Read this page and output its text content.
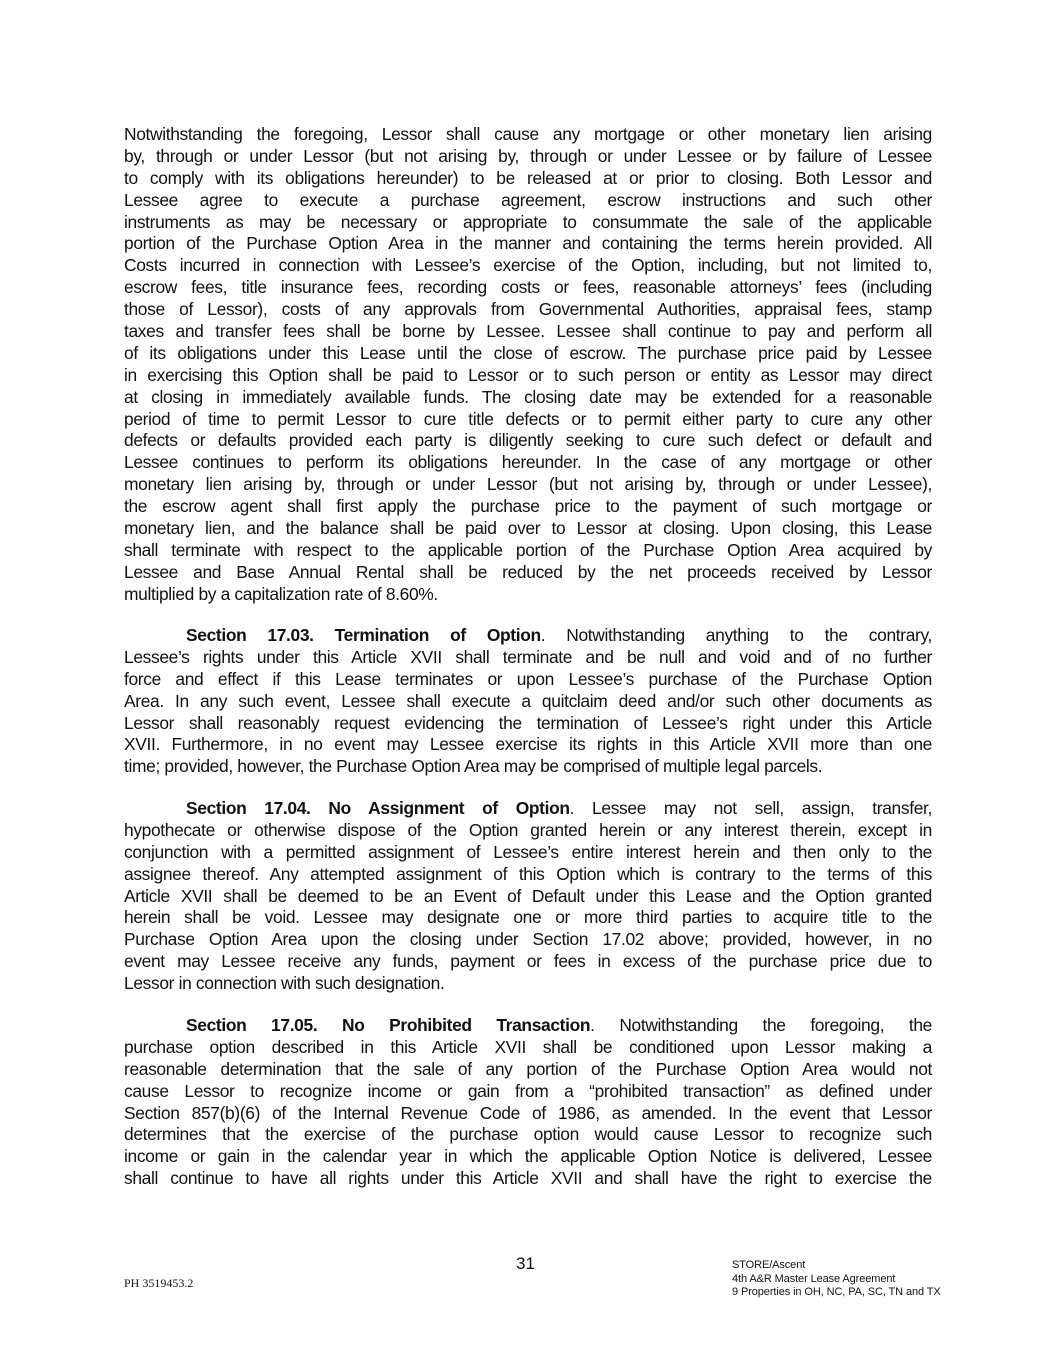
Notwithstanding the foregoing, Lessor shall cause any mortgage or other monetary lien arising
by, through or under Lessor (but not arising by, through or under Lessee or by failure of Lessee
to comply with its obligations hereunder) to be released at or prior to closing. Both Lessor and
Lessee agree to execute a purchase agreement, escrow instructions and such other
instruments as may be necessary or appropriate to consummate the sale of the applicable
portion of the Purchase Option Area in the manner and containing the terms herein provided. All
Costs incurred in connection with Lessee’s exercise of the Option, including, but not limited to,
escrow fees, title insurance fees, recording costs or fees, reasonable attorneys’ fees (including
those of Lessor), costs of any approvals from Governmental Authorities, appraisal fees, stamp
taxes and transfer fees shall be borne by Lessee. Lessee shall continue to pay and perform all
of its obligations under this Lease until the close of escrow. The purchase price paid by Lessee
in exercising this Option shall be paid to Lessor or to such person or entity as Lessor may direct
at closing in immediately available funds. The closing date may be extended for a reasonable
period of time to permit Lessor to cure title defects or to permit either party to cure any other
defects or defaults provided each party is diligently seeking to cure such defect or default and
Lessee continues to perform its obligations hereunder. In the case of any mortgage or other
monetary lien arising by, through or under Lessor (but not arising by, through or under Lessee),
the escrow agent shall first apply the purchase price to the payment of such mortgage or
monetary lien, and the balance shall be paid over to Lessor at closing. Upon closing, this Lease
shall terminate with respect to the applicable portion of the Purchase Option Area acquired by
Lessee and Base Annual Rental shall be reduced by the net proceeds received by Lessor
multiplied by a capitalization rate of 8.60%.
Section 17.03. Termination of Option. Notwithstanding anything to the contrary,
Lessee’s rights under this Article XVII shall terminate and be null and void and of no further
force and effect if this Lease terminates or upon Lessee’s purchase of the Purchase Option
Area. In any such event, Lessee shall execute a quitclaim deed and/or such other documents as
Lessor shall reasonably request evidencing the termination of Lessee’s right under this Article
XVII. Furthermore, in no event may Lessee exercise its rights in this Article XVII more than one
time; provided, however, the Purchase Option Area may be comprised of multiple legal parcels.
Section 17.04. No Assignment of Option. Lessee may not sell, assign, transfer,
hypothecate or otherwise dispose of the Option granted herein or any interest therein, except in
conjunction with a permitted assignment of Lessee’s entire interest herein and then only to the
assignee thereof. Any attempted assignment of this Option which is contrary to the terms of this
Article XVII shall be deemed to be an Event of Default under this Lease and the Option granted
herein shall be void. Lessee may designate one or more third parties to acquire title to the
Purchase Option Area upon the closing under Section 17.02 above; provided, however, in no
event may Lessee receive any funds, payment or fees in excess of the purchase price due to
Lessor in connection with such designation.
Section 17.05. No Prohibited Transaction. Notwithstanding the foregoing, the
purchase option described in this Article XVII shall be conditioned upon Lessor making a
reasonable determination that the sale of any portion of the Purchase Option Area would not
cause Lessor to recognize income or gain from a “prohibited transaction” as defined under
Section 857(b)(6) of the Internal Revenue Code of 1986, as amended. In the event that Lessor
determines that the exercise of the purchase option would cause Lessor to recognize such
income or gain in the calendar year in which the applicable Option Notice is delivered, Lessee
shall continue to have all rights under this Article XVII and shall have the right to exercise the
PH 3519453.2
31	STORE/Ascent
4th A&R Master Lease Agreement
9 Properties in OH, NC, PA, SC, TN and TX
